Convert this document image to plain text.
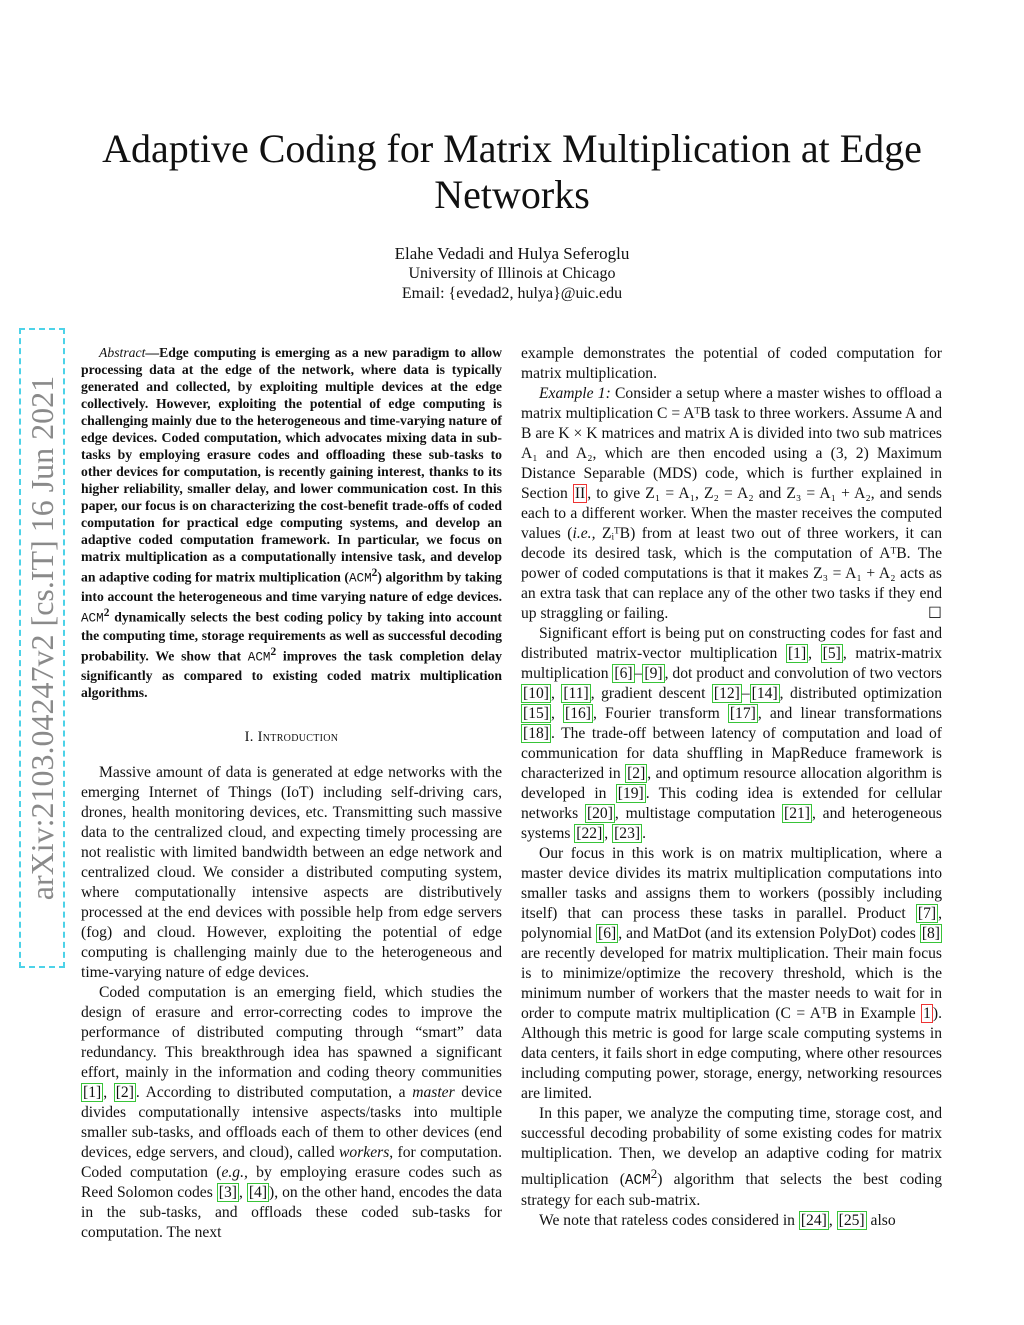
arXiv:2103.04247v2 [cs.IT] 16 Jun 2021
Adaptive Coding for Matrix Multiplication at Edge Networks
Elahe Vedadi and Hulya Seferoglu
University of Illinois at Chicago
Email: {evedad2, hulya}@uic.edu

Abstract—Edge computing is emerging as a new paradigm to allow processing data at the edge of the network, where data is typically generated and collected, by exploiting multiple devices at the edge collectively. However, exploiting the potential of edge computing is challenging mainly due to the heterogeneous and time-varying nature of edge devices. Coded computation, which advocates mixing data in sub-tasks by employing erasure codes and offloading these sub-tasks to other devices for computation, is recently gaining interest, thanks to its higher reliability, smaller delay, and lower communication cost. In this paper, our focus is on characterizing the cost-benefit trade-offs of coded computation for practical edge computing systems, and develop an adaptive coded computation framework. In particular, we focus on matrix multiplication as a computationally intensive task, and develop an adaptive coding for matrix multiplication (ACM$^2$) algorithm by taking into account the heterogeneous and time varying nature of edge devices. ACM$^2$ dynamically selects the best coding policy by taking into account the computing time, storage requirements as well as successful decoding probability. We show that ACM$^2$ improves the task completion delay significantly as compared to existing coded matrix multiplication algorithms.

I. Introduction

Massive amount of data is generated at edge networks with the emerging Internet of Things (IoT) including self-driving cars, drones, health monitoring devices, etc. Transmitting such massive data to the centralized cloud, and expecting timely processing are not realistic with limited bandwidth between an edge network and centralized cloud. We consider a distributed computing system, where computationally intensive aspects are distributively processed at the end devices with possible help from edge servers (fog) and cloud. However, exploiting the potential of edge computing is challenging mainly due to the heterogeneous and time-varying nature of edge devices.

Coded computation is an emerging field, which studies the design of erasure and error-correcting codes to improve the performance of distributed computing through “smart” data redundancy. This breakthrough idea has spawned a significant effort, mainly in the information and coding theory communities [1] , [2] . According to distributed computation, a master device divides computationally intensive aspects/tasks into multiple smaller sub-tasks, and offloads each of them to other devices (end devices, edge servers, and cloud), called workers, for computation. Coded computation (e.g., by employing erasure codes such as Reed Solomon codes [3] , [4] ), on the other hand, encodes the data in the sub-tasks, and offloads these coded sub-tasks for computation. The next

example demonstrates the potential of coded computation for matrix multiplication.

Example 1: Consider a setup where a master wishes to offload a matrix multiplication C = AᵀB task to three workers. Assume A and B are K × K matrices and matrix A is divided into two sub matrices A₁ and A₂, which are then encoded using a (3, 2) Maximum Distance Separable (MDS) code, which is further explained in Section II , to give Z₁ = A₁, Z₂ = A₂ and Z₃ = A₁ + A₂, and sends each to a different worker. When the master receives the computed values (i.e., ZᵢᵀB) from at least two out of three workers, it can decode its desired task, which is the computation of AᵀB. The power of coded computations is that it makes Z₃ = A₁ + A₂ acts as an extra task that can replace any of the other two tasks if they end up straggling or failing.	☐

Significant effort is being put on constructing codes for fast and distributed matrix-vector multiplication [1] , [5] , matrix-matrix multiplication [6] – [9] , dot product and convolution of two vectors [10] , [11] , gradient descent [12] – [14] , distributed optimization [15] , [16] , Fourier transform [17] , and linear transformations [18] . The trade-off between latency of computation and load of communication for data shuffling in MapReduce framework is characterized in [2] , and optimum resource allocation algorithm is developed in [19] . This coding idea is extended for cellular networks [20] , multistage computation [21] , and heterogeneous systems [22] , [23] .

Our focus in this work is on matrix multiplication, where a master device divides its matrix multiplication computations into smaller tasks and assigns them to workers (possibly including itself) that can process these tasks in parallel. Product [7] , polynomial [6] , and MatDot (and its extension PolyDot) codes [8] are recently developed for matrix multiplication. Their main focus is to minimize/optimize the recovery threshold, which is the minimum number of workers that the master needs to wait for in order to compute matrix multiplication (C = AᵀB in Example 1 ). Although this metric is good for large scale computing systems in data centers, it fails short in edge computing, where other resources including computing power, storage, energy, networking resources are limited.

In this paper, we analyze the computing time, storage cost, and successful decoding probability of some existing codes for matrix multiplication. Then, we develop an adaptive coding for matrix multiplication (ACM$^2$) algorithm that selects the best coding strategy for each sub-matrix.

We note that rateless codes considered in [24] , [25] also
